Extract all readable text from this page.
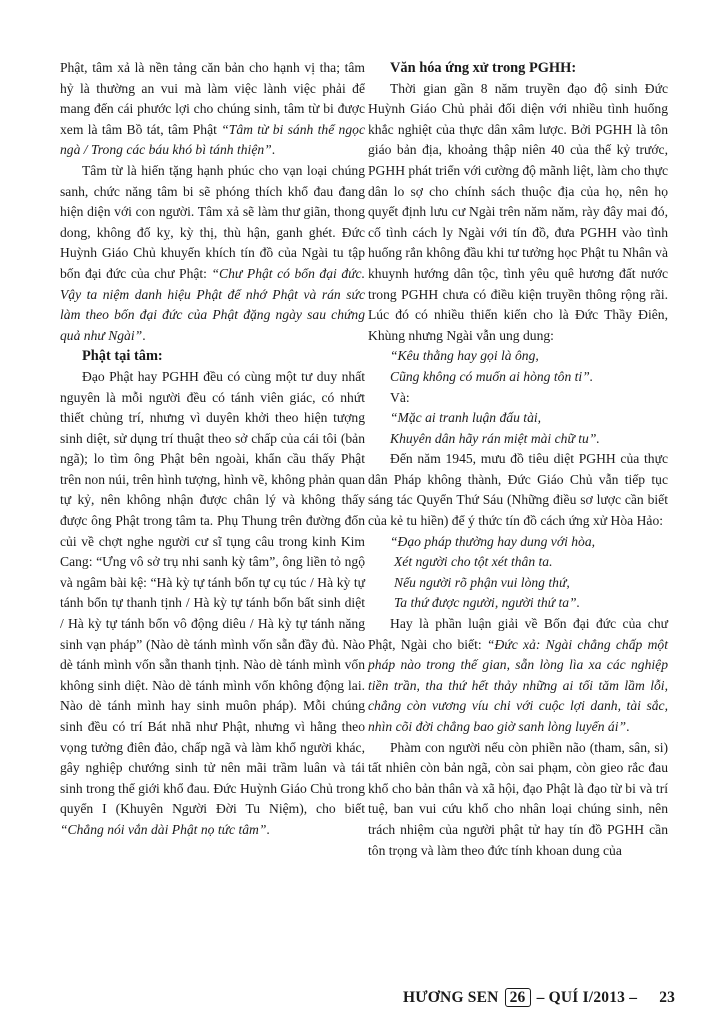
Phật, tâm xả là nền tảng căn bản cho hạnh vị tha; tâm hỷ là thường an vui mà làm việc lành việc phải để mang đến cái phước lợi cho chúng sinh, tâm từ bi được xem là tâm Bồ tát, tâm Phật “Tâm từ bi sánh thể ngọc ngà / Trong các báu khó bì tánh thiện”.

Tâm từ là hiến tặng hạnh phúc cho vạn loại chúng sanh, chức năng tâm bi sẽ phóng thích khổ đau đang hiện diện với con người. Tâm xả sẽ làm thư giãn, thong dong, không đố kỵ, kỳ thị, thù hận, ganh ghét. Đức Huỳnh Giáo Chủ khuyến khích tín đồ của Ngài tu tập bốn đại đức của chư Phật: “Chư Phật có bốn đại đức. Vậy ta niệm danh hiệu Phật để nhớ Phật và rán sức làm theo bốn đại đức của Phật đặng ngày sau chứng quả như Ngài”.

Phật tại tâm:

Đạo Phật hay PGHH đều có cùng một tư duy nhất nguyên là mỗi người đều có tánh viên giác, có nhứt thiết chủng trí, nhưng vì duyên khởi theo hiện tượng sinh diệt, sử dụng trí thuật theo sở chấp của cái tôi (bản ngã); lo tìm ông Phật bên ngoài, khẩn cầu thấy Phật trên non núi, trên hình tượng, hình vẽ, không phản quan tự kỷ, nên không nhận được chân lý và không thấy được ông Phật trong tâm ta. Phụ Thung trên đường đốn củi về chợt nghe người cư sĩ tụng câu trong kinh Kim Cang: “Ưng vô sở trụ nhi sanh kỳ tâm”, ông liền tỏ ngộ và ngâm bài kệ: “Hà kỳ tự tánh bổn tự cụ túc / Hà kỳ tự tánh bổn tự thanh tịnh / Hà kỳ tự tánh bổn bất sinh diệt / Hà kỳ tự tánh bổn vô động diêu / Hà kỳ tự tánh năng sinh vạn pháp” (Nào dè tánh mình vốn sẵn đầy đủ. Nào dè tánh mình vốn sẵn thanh tịnh. Nào dè tánh mình vốn không sinh diệt. Nào dè tánh mình vốn không động lai. Nào dè tánh mình hay sinh muôn pháp). Mỗi chúng sinh đều có trí Bát nhã như Phật, nhưng vì hằng theo vọng tưởng điên đảo, chấp ngã và làm khổ người khác, gây nghiệp chướng sinh tử nên mãi trầm luân và tái sinh trong thế giới khổ đau. Đức Huỳnh Giáo Chủ trong quyển I (Khuyên Người Đời Tu Niệm), cho biết “Chẳng nói vắn dài Phật nọ tức tâm”.

Văn hóa ứng xử trong PGHH:

Thời gian gần 8 năm truyền đạo độ sinh Đức Huỳnh Giáo Chủ phải đối diện với nhiều tình huống khắc nghiệt của thực dân xâm lược. Bởi PGHH là tôn giáo bản địa, khoảng thập niên 40 của thế kỷ trước, PGHH phát triển với cường độ mãnh liệt, làm cho thực dân lo sợ cho chính sách thuộc địa của họ, nên họ quyết định lưu cư Ngài trên năm năm, rày đây mai đó, cố tình cách ly Ngài với tín đồ, đưa PGHH vào tình huống rắn không đầu khi tư tưởng học Phật tu Nhân và khuynh hướng dân tộc, tình yêu quê hương đất nước trong PGHH chưa có điều kiện truyền thông rộng rãi. Lúc đó có nhiều thiển kiến cho là Đức Thầy Điên, Khùng nhưng Ngài vẫn ung dung:

“Kêu thằng hay gọi là ông,

Cũng không có muốn ai hòng tôn ti”.

Và:

“Mặc ai tranh luận đấu tài,

Khuyên dân hãy rán miệt mài chữ tu”.

Đến năm 1945, mưu đồ tiêu diệt PGHH của thực dân Pháp không thành, Đức Giáo Chủ vẫn tiếp tục sáng tác Quyển Thứ Sáu (Những điều sơ lược cần biết của kẻ tu hiền) để ý thức tín đồ cách ứng xử Hòa Hảo:

“Đạo pháp thường hay dung với hòa,

Xét người cho tột xét thân ta.

Nếu người rõ phận vui lòng thứ,

Ta thứ được người, người thứ ta”.

Hay là phần luận giải về Bốn đại đức của chư Phật, Ngài cho biết: “Đức xả: Ngài chẳng chấp một pháp nào trong thế gian, sẵn lòng lìa xa các nghiệp tiền trần, tha thứ hết thảy những ai tối tăm lầm lỗi, chẳng còn vương víu chi với cuộc lợi danh, tài sắc, nhìn cõi đời chẳng bao giờ sanh lòng luyến ái”.

Phàm con người nếu còn phiền não (tham, sân, si) tất nhiên còn bản ngã, còn sai phạm, còn gieo rắc đau khổ cho bản thân và xã hội, đạo Phật là đạo từ bi và trí tuệ, ban vui cứu khổ cho nhân loại chúng sinh, nên trách nhiệm của người phật tử hay tín đồ PGHH cần tôn trọng và làm theo đức tính khoan dung của

HƯƠNG SEN 26 – QUÍ I/2013 – 23
